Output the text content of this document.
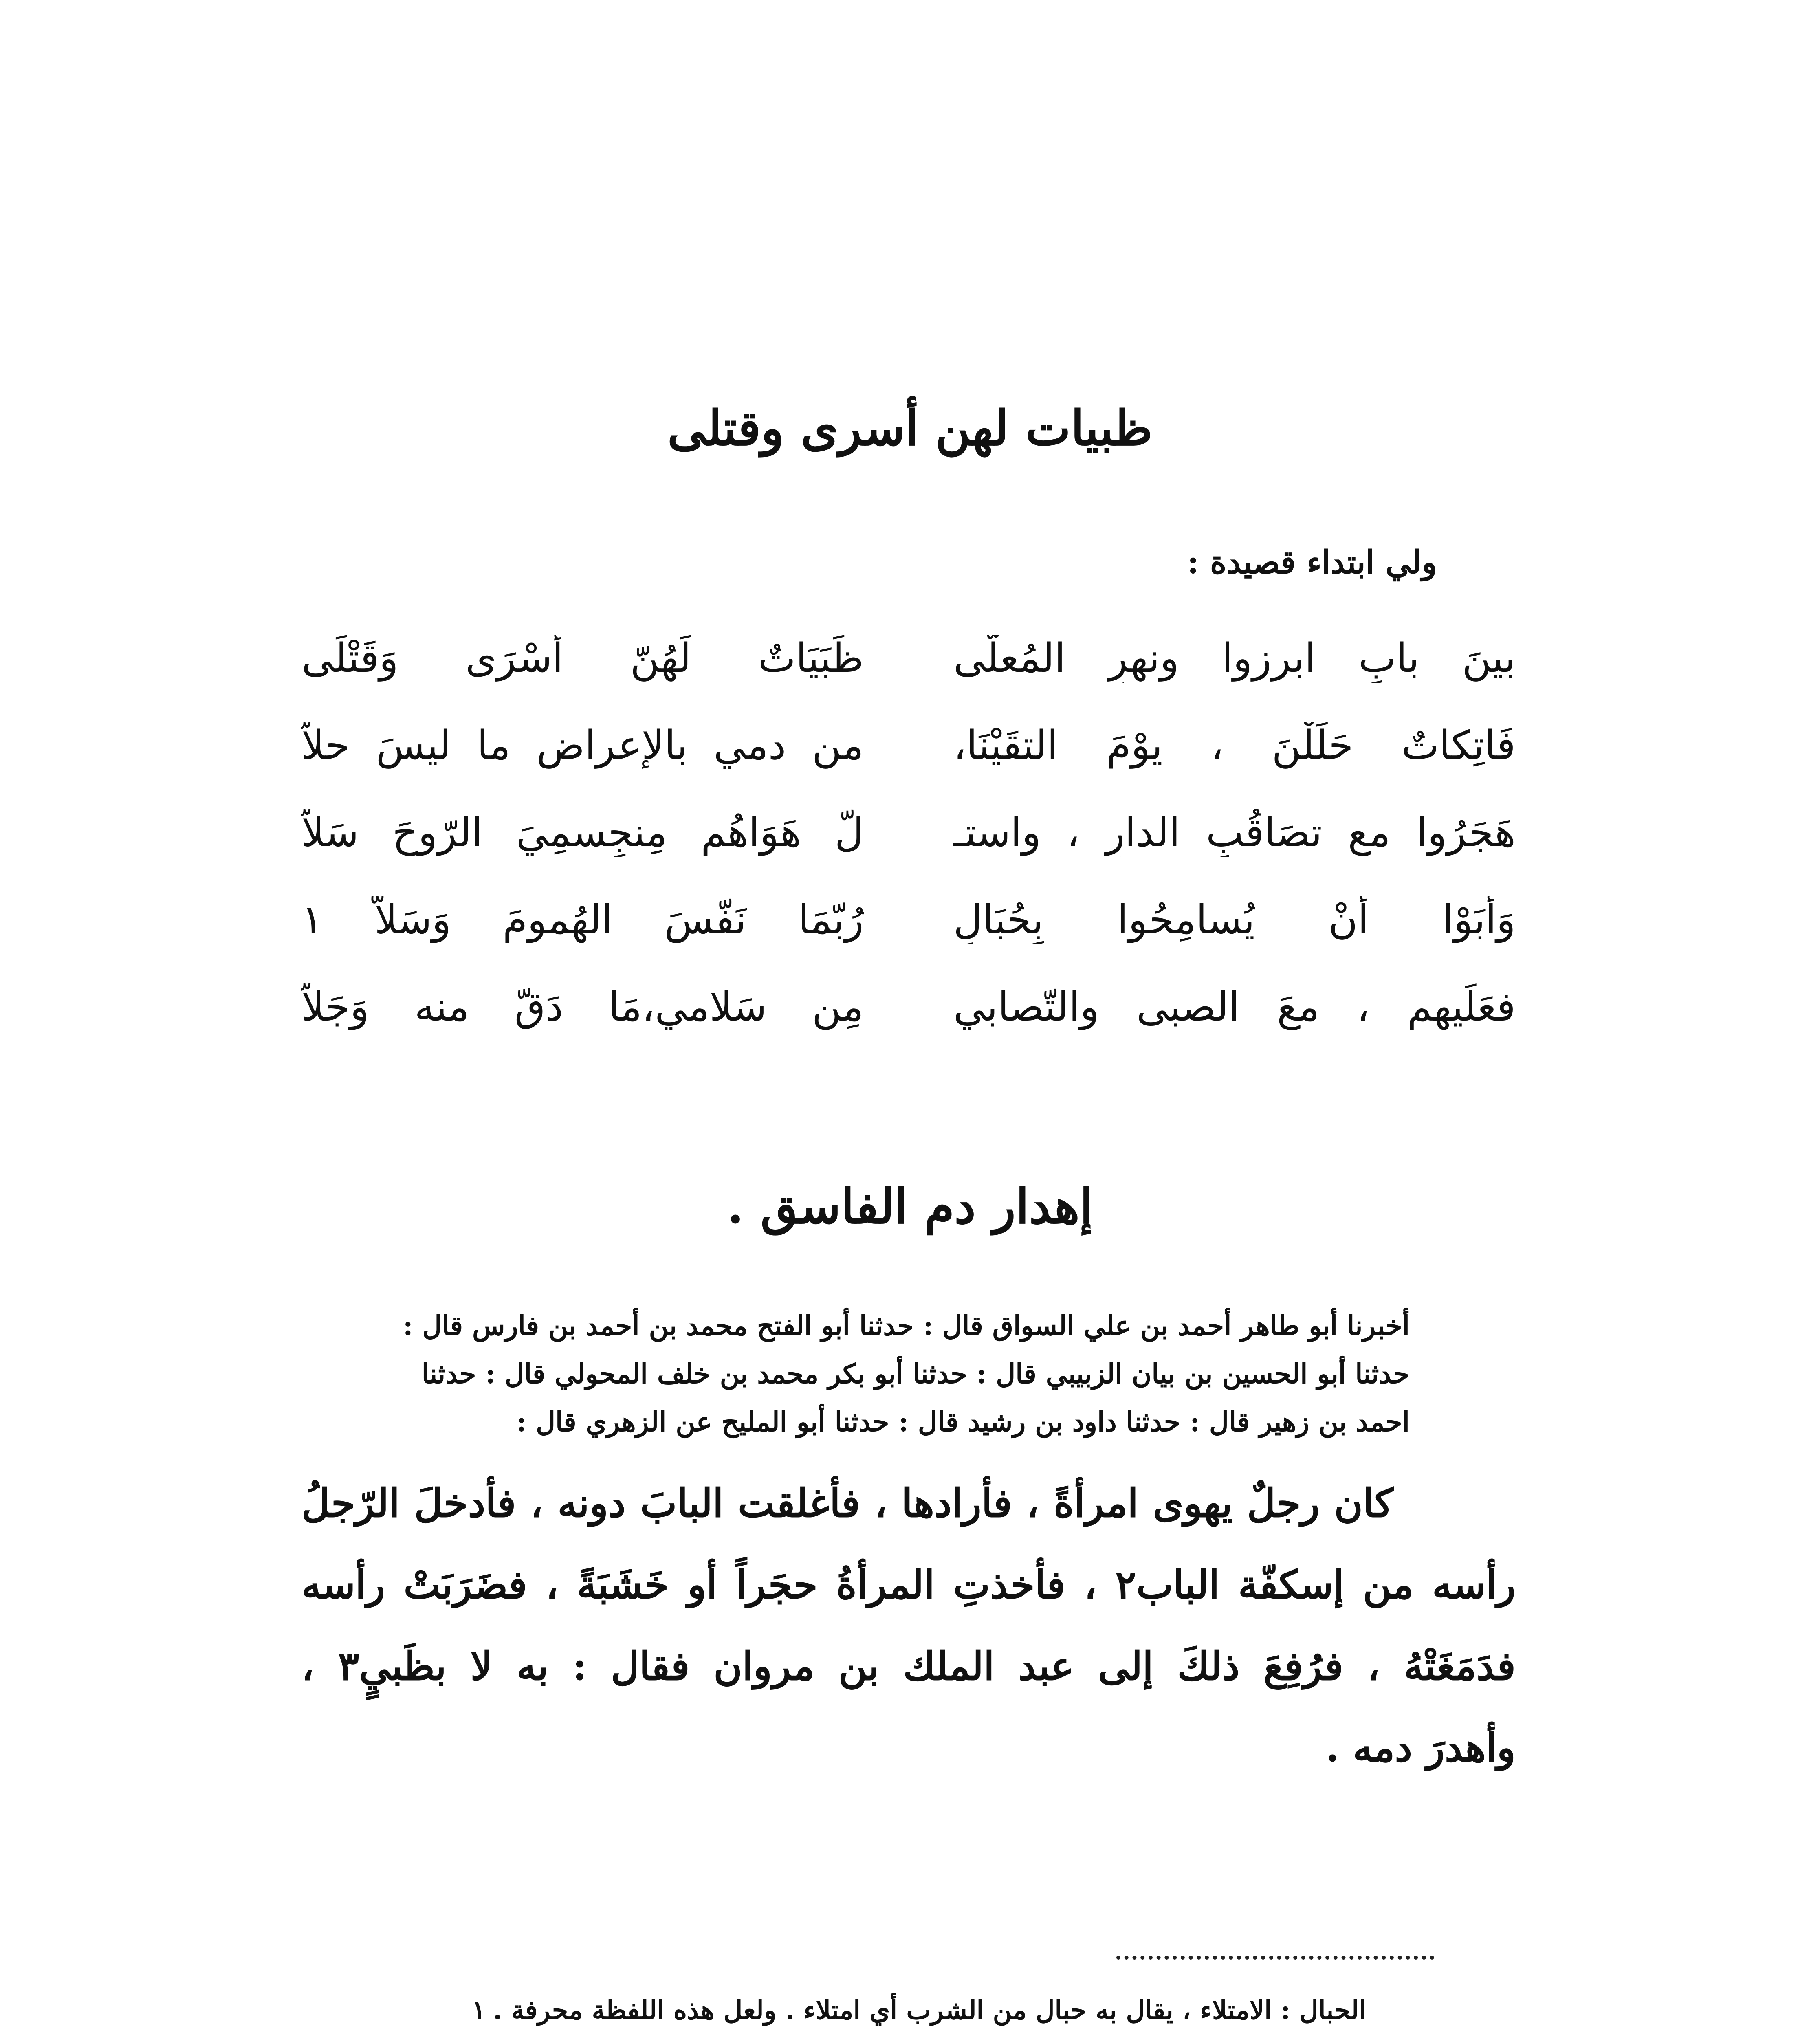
ظبيات لهن أسرى وقتلى
ولي ابتداء قصيدة :
ظَبَيَاتٌ لَهُنّ أَسْرَى وَقَتْلَى بينَ بابِ ابرزوا ونهرِ المُعلّى
من دمي بالإعراضِ ما ليسَ حلاّ فَاتِكاتٌ حَلَلْنَ ، يوْمَ التقَيْنَا،
لَّ هَوَاهُم مِنجِسمِيَ الرّوحَ سَلاّ هَجَرُوا مع تصَاقُبِ الدارِ ، واستـ
رُبّمَا نَفّسَ الهُمومَ وَسَلاّ ١ وَأَبَوْا أنْ يُسامِحُوا بِحُبَالٍ
مِن سَلامي،مَا دَقّ منه وَجَلاّ فعَلَيهِم ، معَ الصبى والتّصابي
إهدار دم الفاسق .
أخبرنا أبو طاهر أحمد بن علي السواق قال : حدثنا أبو الفتح محمد بن أحمد بن فارس قال :
حدثنا أبو الحسين بن بيان الزبيبي قال : حدثنا أبو بكر محمد بن خلف المحولي قال : حدثنا
احمد بن زهير قال : حدثنا داود بن رشيد قال : حدثنا أبو المليح عن الزهري قال :
كان رجلٌ يهوى امرأةً ، فأرادها ، فأغلقت البابَ دونه ، فأدخلَ الرّجلُ
رأسه من إسكفّة الباب٢ ، فأخذتِ المرأةُ حجَراً أو خَشَبَةً ، فضَرَبَتْ رأسه
فدَمَغَتْهُ ، فرُفِعَ ذلكَ إلى عبد الملك بن مروان فقال : به لا بظَبيٍ٣ ،
وأهدرَ دمه .
١ الحبال : الامتلاء ، يقال به حبال من الشرب أي امتلاء . ولعل هذه اللفظة محرفة .
